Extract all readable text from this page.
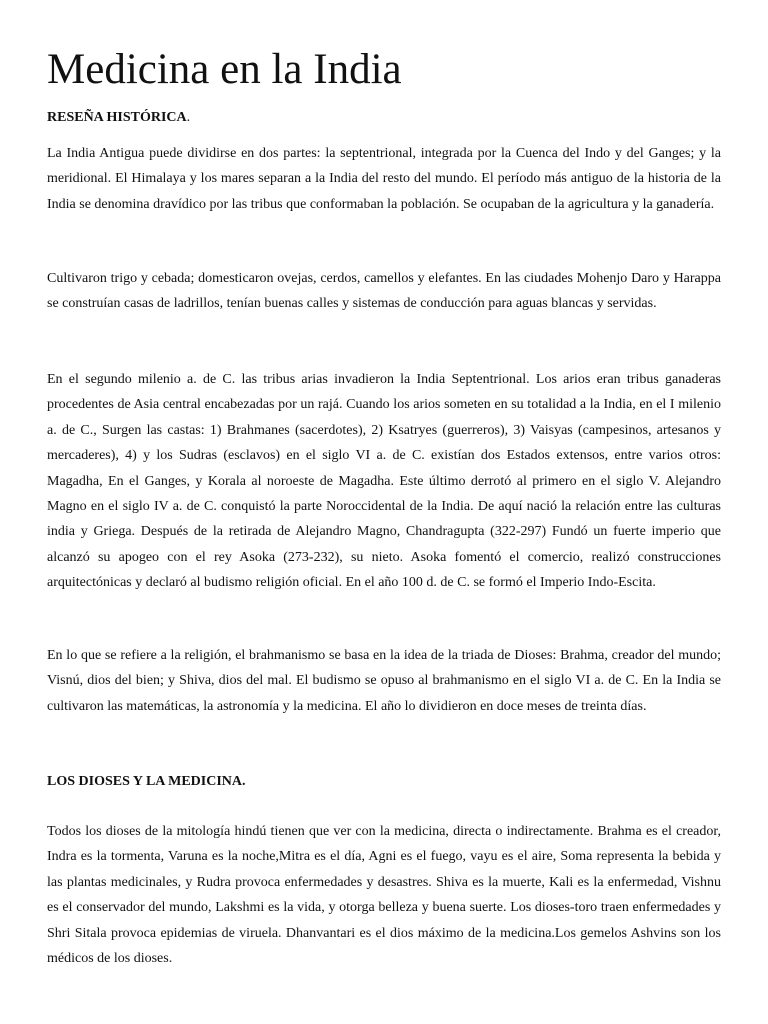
Medicina en la India
RESEÑA HISTÓRICA.

La India Antigua puede dividirse en dos partes: la septentrional, integrada por la Cuenca del Indo y del Ganges; y la meridional. El Himalaya y los mares separan a la India del resto del mundo. El período más antiguo de la historia de la India se denomina dravídico por las tribus que conformaban la población. Se ocupaban de la agricultura y la ganadería.

Cultivaron trigo y cebada; domesticaron ovejas, cerdos, camellos y elefantes. En las ciudades Mohenjo Daro y Harappa se construían casas de ladrillos, tenían buenas calles y sistemas de conducción para aguas blancas y servidas.

En el segundo milenio a. de C. las tribus arias invadieron la India Septentrional. Los arios eran tribus ganaderas procedentes de Asia central encabezadas por un rajá. Cuando los arios someten en su totalidad a la India, en el I milenio a. de C., Surgen las castas: 1) Brahmanes (sacerdotes), 2) Ksatryes (guerreros), 3) Vaisyas (campesinos, artesanos y mercaderes), 4) y los Sudras (esclavos) en el siglo VI a. de C. existían dos Estados extensos, entre varios otros: Magadha, En el Ganges, y Korala al noroeste de Magadha. Este último derrotó al primero en el siglo V. Alejandro Magno en el siglo IV a. de C. conquistó la parte Noroccidental de la India. De aquí nació la relación entre las culturas india y Griega. Después de la retirada de Alejandro Magno, Chandragupta (322-297) Fundó un fuerte imperio que alcanzó su apogeo con el rey Asoka (273-232), su nieto. Asoka fomentó el comercio, realizó construcciones arquitectónicas y declaró al budismo religión oficial. En el año 100 d. de C. se formó el Imperio Indo-Escita.

En lo que se refiere a la religión, el brahmanismo se basa en la idea de la triada de Dioses: Brahma, creador del mundo; Visnú, dios del bien; y Shiva, dios del mal. El budismo se opuso al brahmanismo en el siglo VI a. de C. En la India se cultivaron las matemáticas, la astronomía y la medicina. El año lo dividieron en doce meses de treinta días.

LOS DIOSES Y LA MEDICINA.

Todos los dioses de la mitología hindú tienen que ver con la medicina, directa o indirectamente. Brahma es el creador, Indra es la tormenta, Varuna es la noche,Mitra es el día, Agni es el fuego, vayu es el aire, Soma representa la bebida y las plantas medicinales, y Rudra provoca enfermedades y desastres. Shiva es la muerte, Kali es la enfermedad, Vishnu es el conservador del mundo, Lakshmi es la vida, y otorga belleza y buena suerte. Los dioses-toro traen enfermedades y Shri Sitala provoca epidemias de viruela. Dhanvantari es el dios máximo de la medicina.Los gemelos Ashvins son los médicos de los dioses.
